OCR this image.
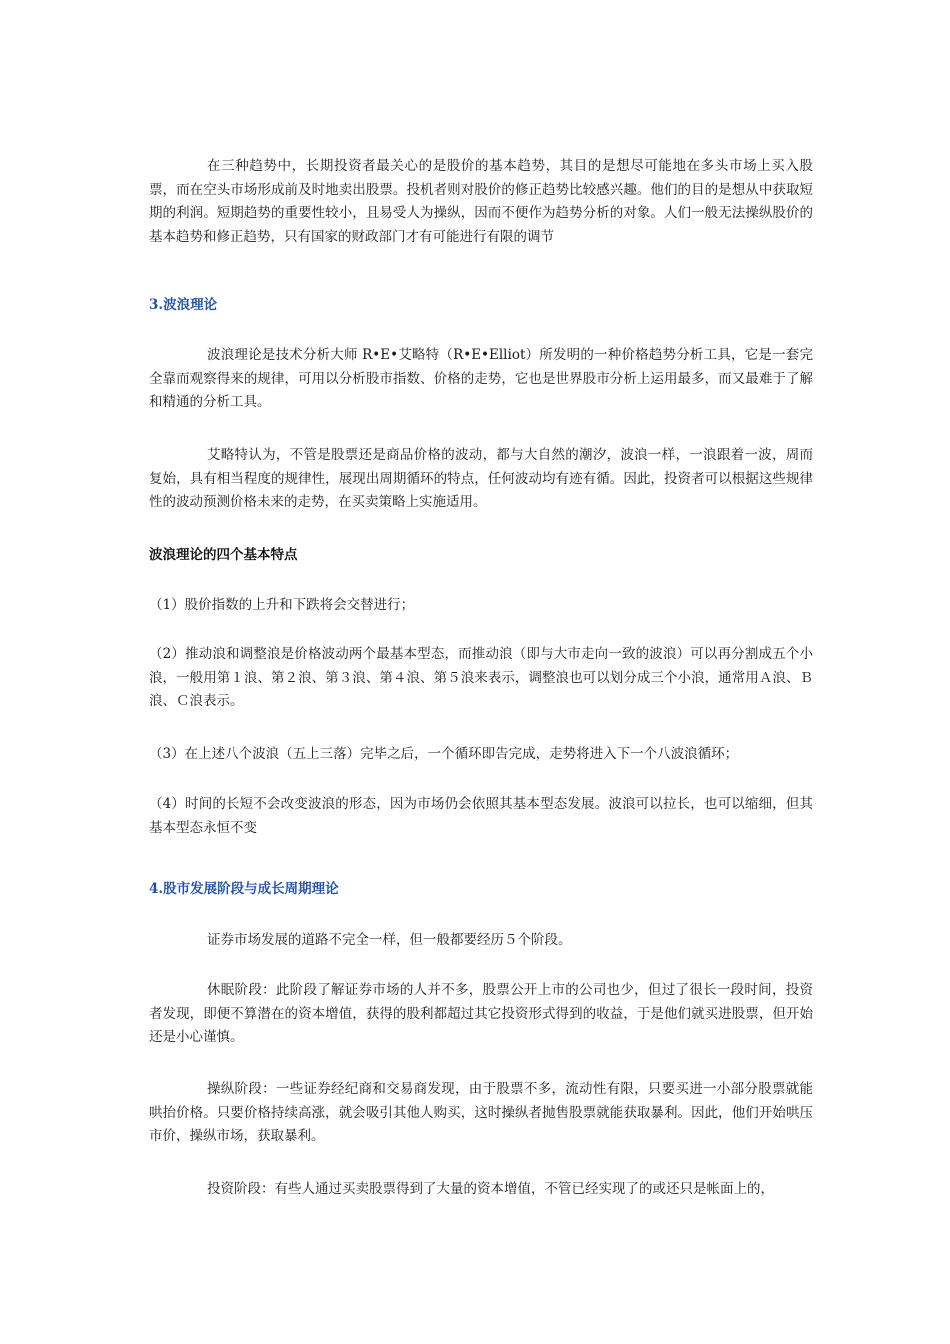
在三种趋势中，长期投资者最关心的是股价的基本趋势，其目的是想尽可能地在多头市场上买入股票，而在空头市场形成前及时地卖出股票。投机者则对股价的修正趋势比较感兴趣。他们的目的是想从中获取短期的利润。短期趋势的重要性较小，且易受人为操纵，因而不便作为趋势分析的对象。人们一般无法操纵股价的基本趋势和修正趋势，只有国家的财政部门才有可能进行有限的调节

3.波浪理论

波浪理论是技术分析大师 R•E•艾略特（R•E•Elliot）所发明的一种价格趋势分析工具，它是一套完全靠而观察得来的规律，可用以分析股市指数、价格的走势，它也是世界股市分析上运用最多，而又最难于了解和精通的分析工具。

艾略特认为，不管是股票还是商品价格的波动，都与大自然的潮汐，波浪一样，一浪跟着一波，周而复始，具有相当程度的规律性，展现出周期循环的特点，任何波动均有迹有循。因此，投资者可以根据这些规律性的波动预测价格未来的走势，在买卖策略上实施适用。

波浪理论的四个基本特点

（1）股价指数的上升和下跌将会交替进行；

（2）推动浪和调整浪是价格波动两个最基本型态，而推动浪（即与大市走向一致的波浪）可以再分割成五个小浪，一般用第１浪、第２浪、第３浪、第４浪、第５浪来表示，调整浪也可以划分成三个小浪，通常用Ａ浪、Ｂ浪、Ｃ浪表示。

（3）在上述八个波浪（五上三落）完毕之后，一个循环即告完成，走势将进入下一个八波浪循环；

（4）时间的长短不会改变波浪的形态，因为市场仍会依照其基本型态发展。波浪可以拉长，也可以缩细，但其基本型态永恒不变

4.股市发展阶段与成长周期理论

证券市场发展的道路不完全一样，但一般都要经历５个阶段。

休眠阶段：此阶段了解证券市场的人并不多，股票公开上市的公司也少，但过了很长一段时间，投资者发现，即便不算潜在的资本增值，获得的股利都超过其它投资形式得到的收益，于是他们就买进股票，但开始还是小心谨慎。

操纵阶段：一些证券经纪商和交易商发现，由于股票不多，流动性有限，只要买进一小部分股票就能哄抬价格。只要价格持续高涨，就会吸引其他人购买，这时操纵者抛售股票就能获取暴利。因此，他们开始哄压市价，操纵市场，获取暴利。

投资阶段：有些人通过买卖股票得到了大量的资本增值，不管已经实现了的或还只是帐面上的，
